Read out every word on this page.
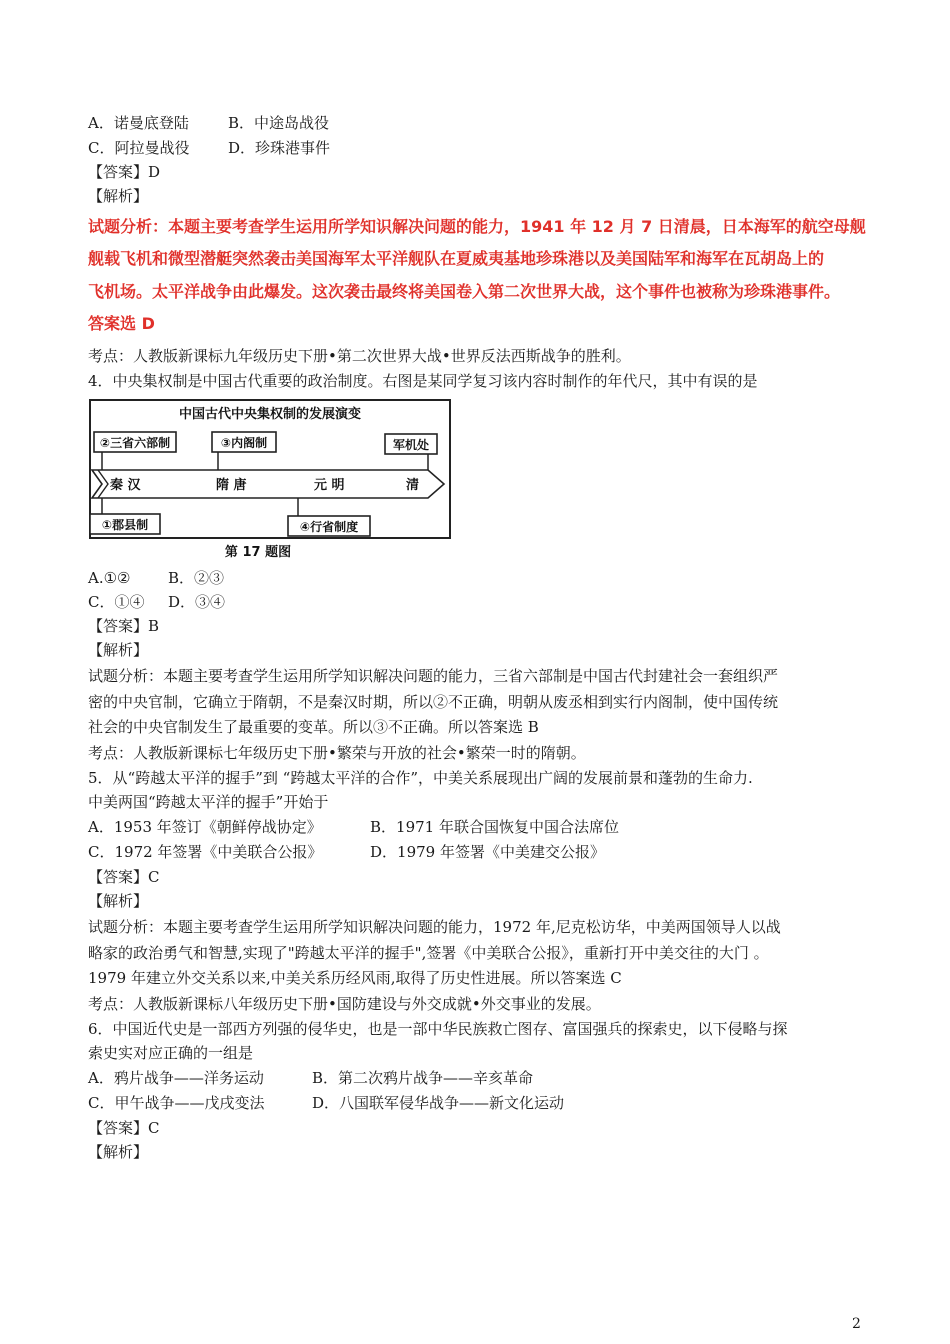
A．诺曼底登陆	B．中途岛战役
C．阿拉曼战役	D．珍珠港事件
【答案】D
【解析】
试题分析：本题主要考查学生运用所学知识解决问题的能力，1941 年 12 月 7 日清晨，日本海军的航空母舰
舰载飞机和微型潜艇突然袭击美国海军太平洋舰队在夏威夷基地珍珠港以及美国陆军和海军在瓦胡岛上的
飞机场。太平洋战争由此爆发。这次袭击最终将美国卷入第二次世界大战，这个事件也被称为珍珠港事件。
答案选 D
考点：人教版新课标九年级历史下册•第二次世界大战•世界反法西斯战争的胜利。
4．中央集权制是中国古代重要的政治制度。右图是某同学复习该内容时制作的年代尺，其中有误的是
中国古代中央集权制的发展演变
秦 汉	隋 唐	元 明	清
②三省六部制	③内阁制	军机处
①郡县制	④行省制度
第 17 题图
A.①②	B．②③
C．①④ D．③④
【答案】B
【解析】
试题分析：本题主要考查学生运用所学知识解决问题的能力，三省六部制是中国古代封建社会一套组织严
密的中央官制，它确立于隋朝，不是秦汉时期，所以②不正确，明朝从废丞相到实行内阁制，使中国传统
社会的中央官制发生了最重要的变革。所以③不正确。所以答案选 B
考点：人教版新课标七年级历史下册•繁荣与开放的社会•繁荣一时的隋朝。
5．从“跨越太平洋的握手”到 “跨越太平洋的合作”，中美关系展现出广阔的发展前景和蓬勃的生命力.
中美两国“跨越太平洋的握手”开始于
A．1953 年签订《朝鲜停战协定》	B．1971 年联合国恢复中国合法席位
C．1972 年签署《中美联合公报》	D．1979 年签署《中美建交公报》
【答案】C
【解析】
试题分析：本题主要考查学生运用所学知识解决问题的能力，1972 年,尼克松访华，中美两国领导人以战
略家的政治勇气和智慧,实现了"跨越太平洋的握手",签署《中美联合公报》，重新打开中美交往的大门 。
1979 年建立外交关系以来,中美关系历经风雨,取得了历史性进展。所以答案选 C
考点：人教版新课标八年级历史下册•国防建设与外交成就•外交事业的发展。
6．中国近代史是一部西方列强的侵华史，也是一部中华民族救亡图存、富国强兵的探索史，以下侵略与探
索史实对应正确的一组是
A．鸦片战争——洋务运动	B．第二次鸦片战争——辛亥革命
C．甲午战争——戊戌变法	D．八国联军侵华战争——新文化运动
【答案】C
【解析】
2
